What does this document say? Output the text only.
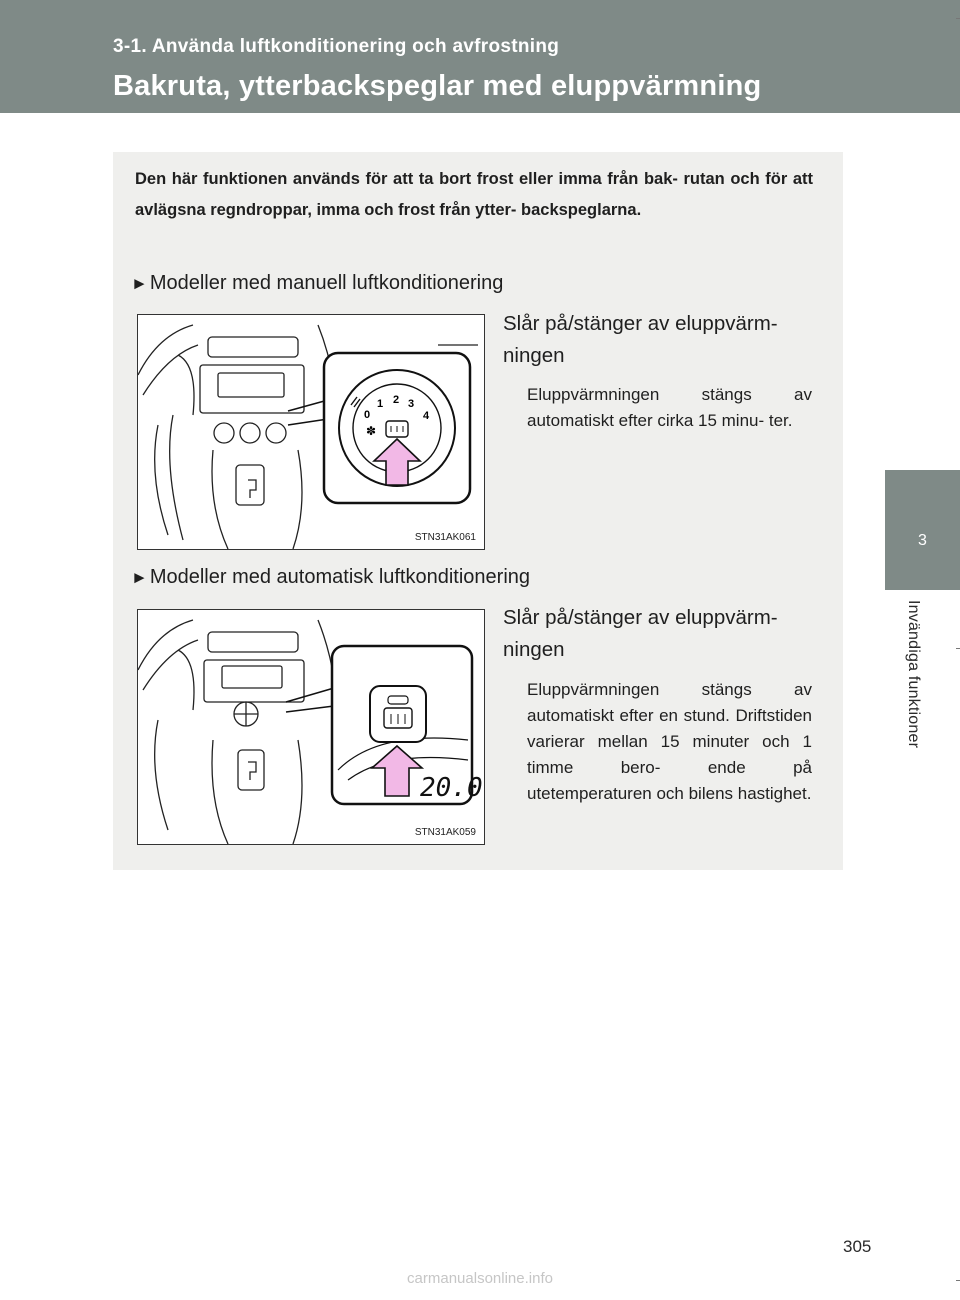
3-1. Använda luftkonditionering och avfrostning
Bakruta, ytterbackspeglar med eluppvärmning
3
Invändiga funktioner
Den här funktionen används för att ta bort frost eller imma från bak- rutan och för att avlägsna regndroppar, imma och frost från ytter- backspeglarna.
► Modeller med manuell luftkonditionering
0
1 2 3
4
✽
STN31AK061
Slår på/stänger av eluppvärm- ningen
Eluppvärmningen stängs av automatiskt efter cirka 15 minu- ter.
► Modeller med automatisk luftkonditionering
20.0
STN31AK059
Slår på/stänger av eluppvärm- ningen
Eluppvärmningen stängs av automatiskt efter en stund. Driftstiden varierar mellan 15 minuter och 1 timme bero- ende på utetemperaturen och bilens hastighet.
305
carmanualsonline.info
